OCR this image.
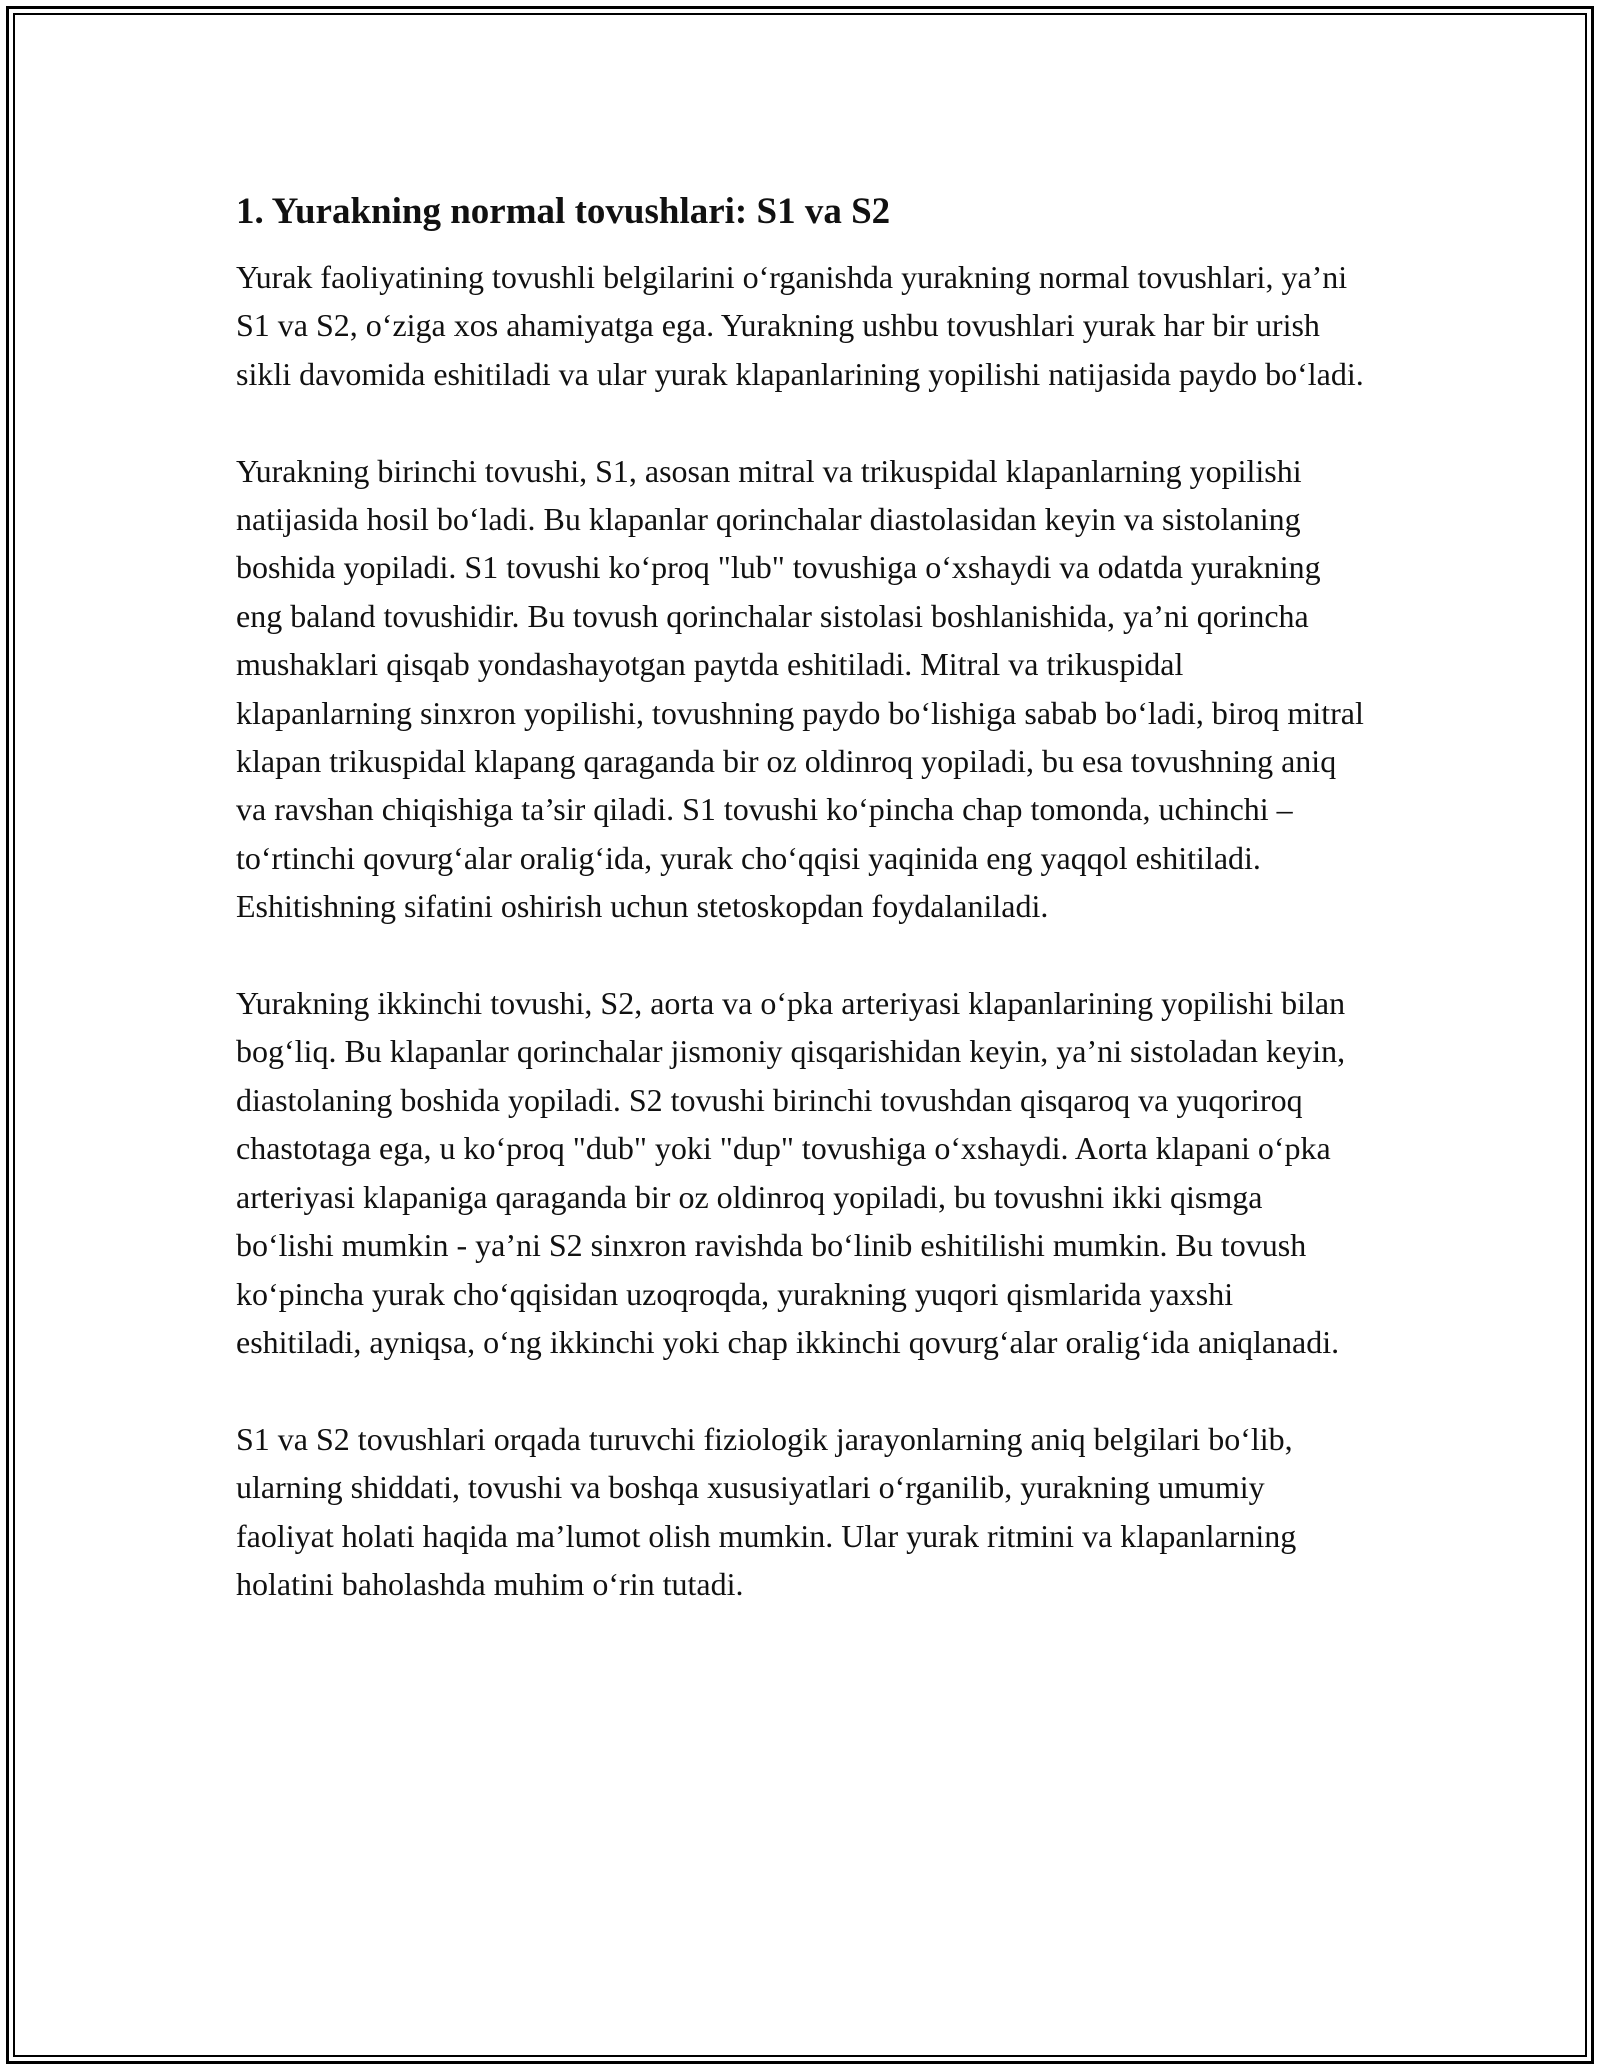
1. Yurakning normal tovushlari: S1 va S2

Yurak faoliyatining tovushli belgilarini o‘rganishda yurakning normal tovushlari, ya’ni S1 va S2, o‘ziga xos ahamiyatga ega. Yurakning ushbu tovushlari yurak har bir urish sikli davomida eshitiladi va ular yurak klapanlarining yopilishi natijasida paydo bo‘ladi.

Yurakning birinchi tovushi, S1, asosan mitral va trikuspidal klapanlarning yopilishi natijasida hosil bo‘ladi. Bu klapanlar qorinchalar diastolasidan keyin va sistolaning boshida yopiladi. S1 tovushi ko‘proq "lub" tovushiga o‘xshaydi va odatda yurakning eng baland tovushidir. Bu tovush qorinchalar sistolasi boshlanishida, ya’ni qorincha mushaklari qisqab yondashayotgan paytda eshitiladi. Mitral va trikuspidal klapanlarning sinxron yopilishi, tovushning paydo bo‘lishiga sabab bo‘ladi, biroq mitral klapan trikuspidal klapang qaraganda bir oz oldinroq yopiladi, bu esa tovushning aniq va ravshan chiqishiga ta’sir qiladi. S1 tovushi ko‘pincha chap tomonda, uchinchi – to‘rtinchi qovurg‘alar oralig‘ida, yurak cho‘qqisi yaqinida eng yaqqol eshitiladi. Eshitishning sifatini oshirish uchun stetoskopdan foydalaniladi.

Yurakning ikkinchi tovushi, S2, aorta va o‘pka arteriyasi klapanlarining yopilishi bilan bog‘liq. Bu klapanlar qorinchalar jismoniy qisqarishidan keyin, ya’ni sistoladan keyin, diastolaning boshida yopiladi. S2 tovushi birinchi tovushdan qisqaroq va yuqoriroq chastotaga ega, u ko‘proq "dub" yoki "dup" tovushiga o‘xshaydi. Aorta klapani o‘pka arteriyasi klapaniga qaraganda bir oz oldinroq yopiladi, bu tovushni ikki qismga bo‘lishi mumkin - ya’ni S2 sinxron ravishda bo‘linib eshitilishi mumkin. Bu tovush ko‘pincha yurak cho‘qqisidan uzoqroqda, yurakning yuqori qismlarida yaxshi eshitiladi, ayniqsa, o‘ng ikkinchi yoki chap ikkinchi qovurg‘alar oralig‘ida aniqlanadi.

S1 va S2 tovushlari orqada turuvchi fiziologik jarayonlarning aniq belgilari bo‘lib, ularning shiddati, tovushi va boshqa xususiyatlari o‘rganilib, yurakning umumiy faoliyat holati haqida ma’lumot olish mumkin. Ular yurak ritmini va klapanlarning holatini baholashda muhim o‘rin tutadi.
